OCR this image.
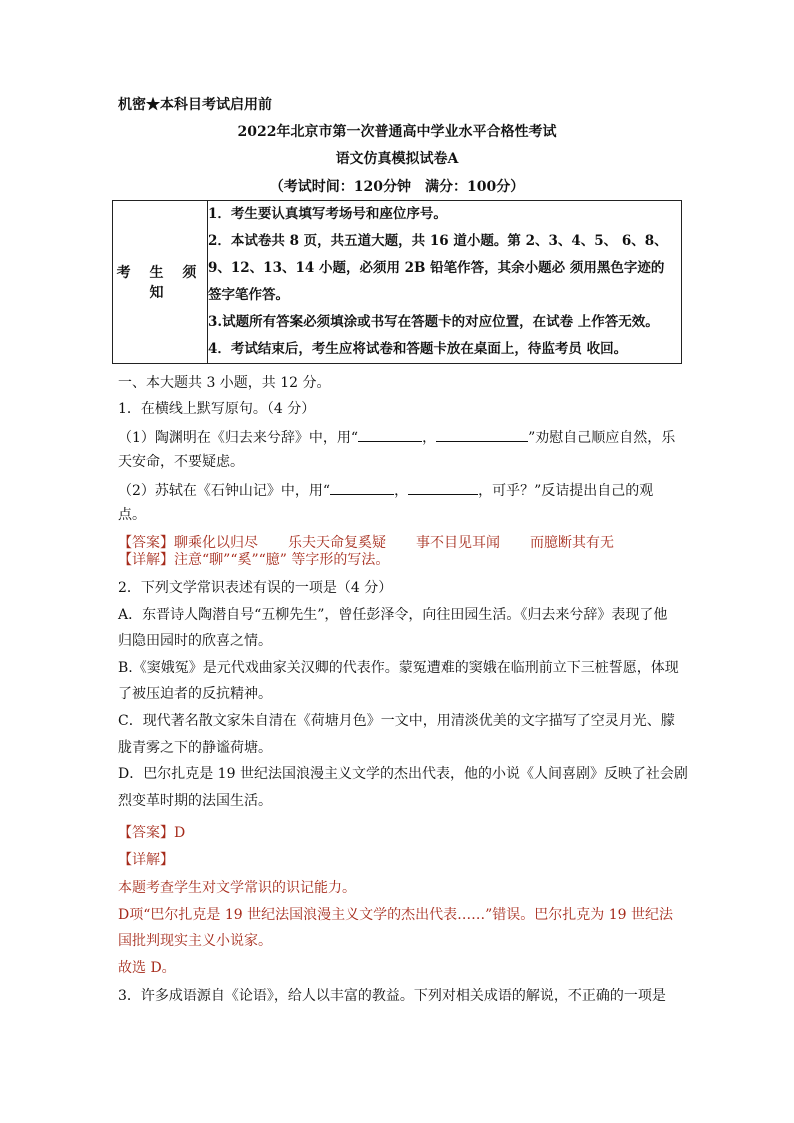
机密★本科目考试启用前
2022年北京市第一次普通高中学业水平合格性考试
语文仿真模拟试卷A
（考试时间：120分钟　满分：100分）
考 生 须 知	
1．考生要认真填写考场号和座位序号。
2．本试卷共 8 页，共五道大题，共 16 道小题。第 2、3、4、5、 6、8、
9、12、13、14 小题，必须用 2B 铅笔作答，其余小题必 须用黑色字迹的
签字笔作答。
3.试题所有答案必须填涂或书写在答题卡的对应位置，在试卷 上作答无效。
4．考试结束后，考生应将试卷和答题卡放在桌面上，待监考员 收回。
一、本大题共 3 小题，共 12 分。
1．在横线上默写原句。（4 分）
（1）陶渊明在《归去来兮辞》中，用“	，	”劝慰自己顺应自然，乐
天安命，不要疑虑。
（2）苏轼在《石钟山记》中，用“	，	，可乎？”反诘提出自己的观
点。
【答案】聊乘化以归尽 乐夫天命复奚疑 事不目见耳闻 而臆断其有无
【详解】注意“聊”“奚”“臆” 等字形的写法。
2．下列文学常识表述有误的一项是（4 分）
A．东晋诗人陶潜自号“五柳先生”，曾任彭泽令，向往田园生活。《归去来兮辞》表现了他
归隐田园时的欣喜之情。
B.《窦娥冤》是元代戏曲家关汉卿的代表作。蒙冤遭难的窦娥在临刑前立下三桩誓愿，体现
了被压迫者的反抗精神。
C．现代著名散文家朱自清在《荷塘月色》一文中，用清淡优美的文字描写了空灵月光、朦
胧青雾之下的静谧荷塘。
D．巴尔扎克是 19 世纪法国浪漫主义文学的杰出代表，他的小说《人间喜剧》反映了社会剧
烈变革时期的法国生活。
【答案】D
【详解】
本题考查学生对文学常识的识记能力。
D项“巴尔扎克是 19 世纪法国浪漫主义文学的杰出代表……”错误。巴尔扎克为 19 世纪法
国批判现实主义小说家。
故选 D。
3．许多成语源自《论语》，给人以丰富的教益。下列对相关成语的解说，不正确的一项是
